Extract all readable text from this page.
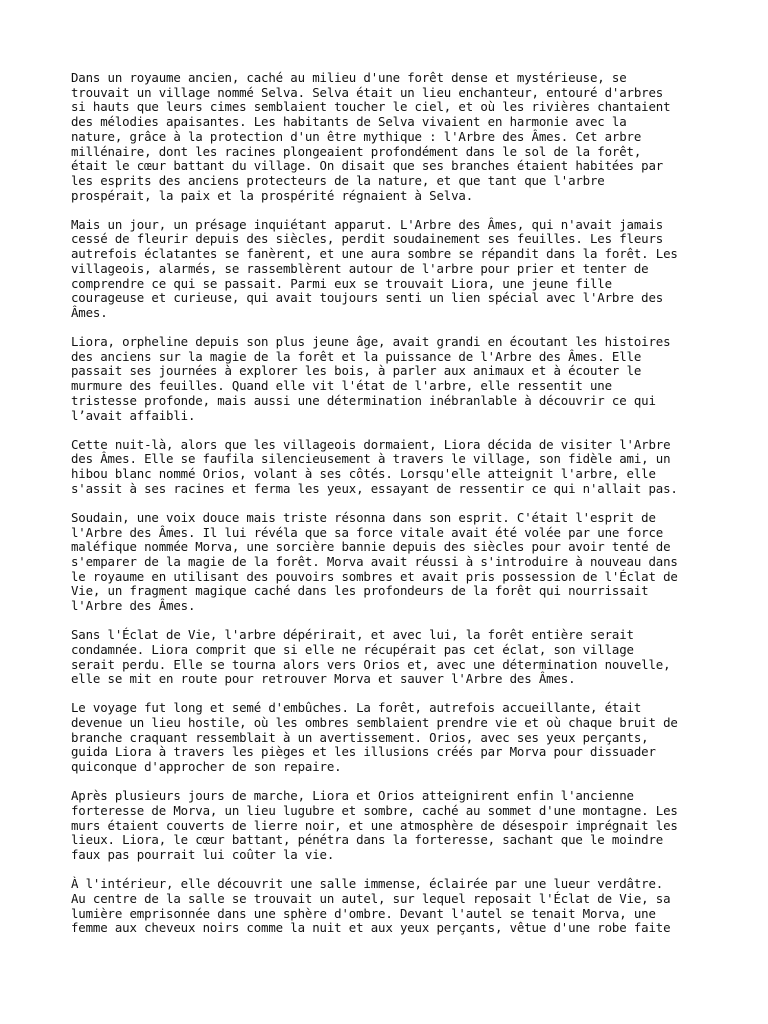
Dans un royaume ancien, caché au milieu d'une forêt dense et mystérieuse, se
trouvait un village nommé Selva. Selva était un lieu enchanteur, entouré d'arbres
si hauts que leurs cimes semblaient toucher le ciel, et où les rivières chantaient
des mélodies apaisantes. Les habitants de Selva vivaient en harmonie avec la
nature, grâce à la protection d'un être mythique : l'Arbre des Âmes. Cet arbre
millénaire, dont les racines plongeaient profondément dans le sol de la forêt,
était le cœur battant du village. On disait que ses branches étaient habitées par
les esprits des anciens protecteurs de la nature, et que tant que l'arbre
prospérait, la paix et la prospérité régnaient à Selva.

Mais un jour, un présage inquiétant apparut. L'Arbre des Âmes, qui n'avait jamais
cessé de fleurir depuis des siècles, perdit soudainement ses feuilles. Les fleurs
autrefois éclatantes se fanèrent, et une aura sombre se répandit dans la forêt. Les
villageois, alarmés, se rassemblèrent autour de l'arbre pour prier et tenter de
comprendre ce qui se passait. Parmi eux se trouvait Liora, une jeune fille
courageuse et curieuse, qui avait toujours senti un lien spécial avec l'Arbre des
Âmes.

Liora, orpheline depuis son plus jeune âge, avait grandi en écoutant les histoires
des anciens sur la magie de la forêt et la puissance de l'Arbre des Âmes. Elle
passait ses journées à explorer les bois, à parler aux animaux et à écouter le
murmure des feuilles. Quand elle vit l'état de l'arbre, elle ressentit une
tristesse profonde, mais aussi une détermination inébranlable à découvrir ce qui
l’avait affaibli.

Cette nuit-là, alors que les villageois dormaient, Liora décida de visiter l'Arbre
des Âmes. Elle se faufila silencieusement à travers le village, son fidèle ami, un
hibou blanc nommé Orios, volant à ses côtés. Lorsqu'elle atteignit l'arbre, elle
s'assit à ses racines et ferma les yeux, essayant de ressentir ce qui n'allait pas.

Soudain, une voix douce mais triste résonna dans son esprit. C'était l'esprit de
l'Arbre des Âmes. Il lui révéla que sa force vitale avait été volée par une force
maléfique nommée Morva, une sorcière bannie depuis des siècles pour avoir tenté de
s'emparer de la magie de la forêt. Morva avait réussi à s'introduire à nouveau dans
le royaume en utilisant des pouvoirs sombres et avait pris possession de l'Éclat de
Vie, un fragment magique caché dans les profondeurs de la forêt qui nourrissait
l'Arbre des Âmes.

Sans l'Éclat de Vie, l'arbre dépérirait, et avec lui, la forêt entière serait
condamnée. Liora comprit que si elle ne récupérait pas cet éclat, son village
serait perdu. Elle se tourna alors vers Orios et, avec une détermination nouvelle,
elle se mit en route pour retrouver Morva et sauver l'Arbre des Âmes.

Le voyage fut long et semé d'embûches. La forêt, autrefois accueillante, était
devenue un lieu hostile, où les ombres semblaient prendre vie et où chaque bruit de
branche craquant ressemblait à un avertissement. Orios, avec ses yeux perçants,
guida Liora à travers les pièges et les illusions créés par Morva pour dissuader
quiconque d'approcher de son repaire.

Après plusieurs jours de marche, Liora et Orios atteignirent enfin l'ancienne
forteresse de Morva, un lieu lugubre et sombre, caché au sommet d'une montagne. Les
murs étaient couverts de lierre noir, et une atmosphère de désespoir imprégnait les
lieux. Liora, le cœur battant, pénétra dans la forteresse, sachant que le moindre
faux pas pourrait lui coûter la vie.

À l'intérieur, elle découvrit une salle immense, éclairée par une lueur verdâtre.
Au centre de la salle se trouvait un autel, sur lequel reposait l'Éclat de Vie, sa
lumière emprisonnée dans une sphère d'ombre. Devant l'autel se tenait Morva, une
femme aux cheveux noirs comme la nuit et aux yeux perçants, vêtue d'une robe faite
